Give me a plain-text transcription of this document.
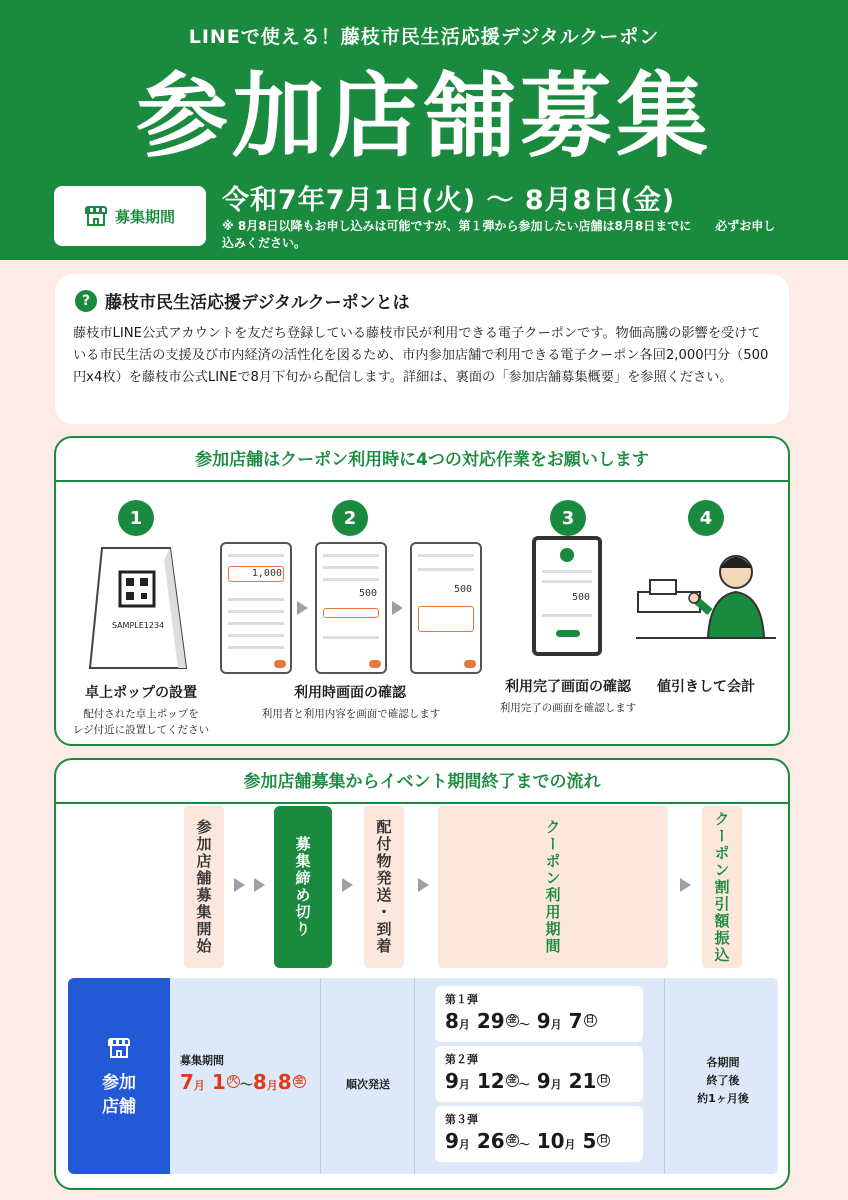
LINEで使える！藤枝市民生活応援デジタルクーポン
参加店舗募集
募集期間
令和7年7月1日(火) ～ 8月8日(金)
※ 8月8日以降もお申し込みは可能ですが、第１弾から参加したい店舗は8月8日までに　　必ずお申し込みください。
? 藤枝市民生活応援デジタルクーポンとは

藤枝市LINE公式アカウントを友だち登録している藤枝市民が利用できる電子クーポンです。物価高騰の影響を受けている市民生活の支援及び市内経済の活性化を図るため、市内参加店舗で利用できる電子クーポン各回2,000円分（500円x4枚）を藤枝市公式LINEで8月下旬から配信します。詳細は、裏面の「参加店舗募集概要」を参照ください。

参加店舗はクーポン利用時に4つの対応作業をお願いします
1	2	3	4
SAMPLE1234
1,000
500	500
500
卓上ポップの設置	利用時画面の確認	利用完了画面の確認	値引きして会計
配付された卓上ポップを
レジ付近に設置してください
利用者と利用内容を画面で確認します	利用完了の画面を確認します
参加店舗募集からイベント期間終了までの流れ
参加店舗募集開始	募集締め切り	配付物発送・到着	クーポン利用期間	クーポン割引額振込

参加店舗
募集期間
7月 1 火 ～8月8 金	順次発送
第１弾
8月 29 金 ～ 9月 7 日
第２弾
9月 12 金 ～ 9月 21 日
第３弾
9月 26 金 ～ 10月 5 日
各期間
終了後
約1ヶ月後
